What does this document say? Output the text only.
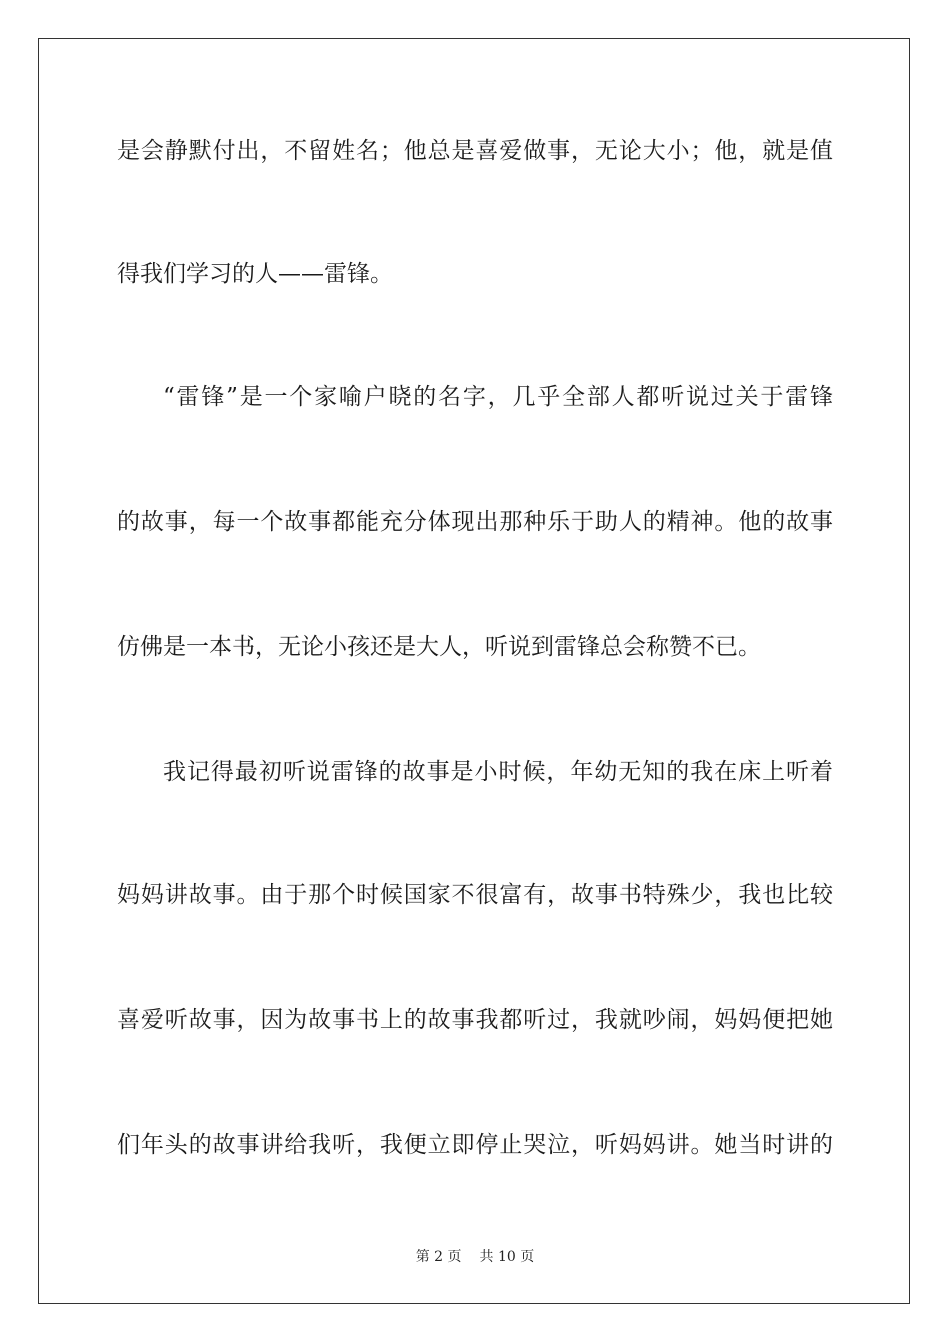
是会静默付出，不留姓名；他总是喜爱做事，无论大小；他，就是值
得我们学习的人——雷锋。
“雷锋”是一个家喻户晓的名字，几乎全部人都听说过关于雷锋
的故事，每一个故事都能充分体现出那种乐于助人的精神。他的故事
仿佛是一本书，无论小孩还是大人，听说到雷锋总会称赞不已。
我记得最初听说雷锋的故事是小时候，年幼无知的我在床上听着
妈妈讲故事。由于那个时候国家不很富有，故事书特殊少，我也比较
喜爱听故事，因为故事书上的故事我都听过，我就吵闹，妈妈便把她
们年头的故事讲给我听，我便立即停止哭泣，听妈妈讲。她当时讲的
第 2 页 共 10 页
